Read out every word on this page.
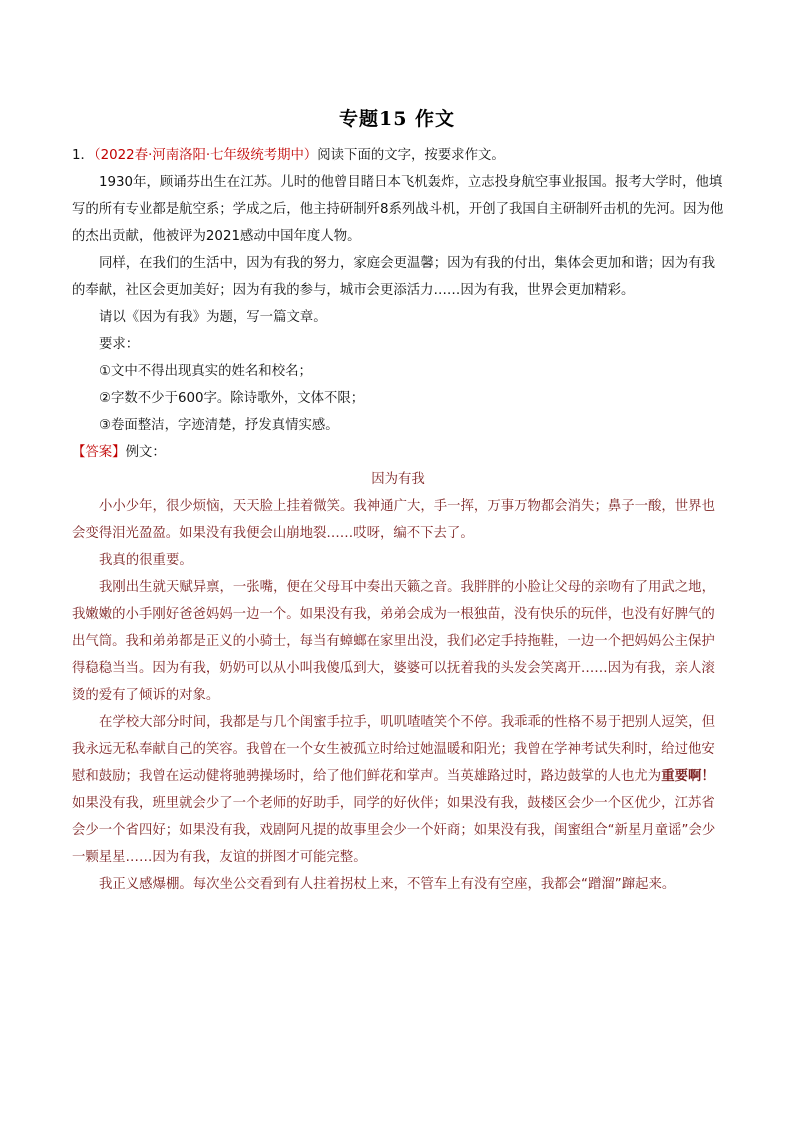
专题15 作文

1．（2022春·河南洛阳·七年级统考期中）阅读下面的文字，按要求作文。

1930年，顾诵芬出生在江苏。儿时的他曾目睹日本飞机轰炸，立志投身航空事业报国。报考大学时，他填写的所有专业都是航空系；学成之后，他主持研制歼8系列战斗机，开创了我国自主研制歼击机的先河。因为他的杰出贡献，他被评为2021感动中国年度人物。

同样，在我们的生活中，因为有我的努力，家庭会更温馨；因为有我的付出，集体会更加和谐；因为有我的奉献，社区会更加美好；因为有我的参与，城市会更添活力……因为有我，世界会更加精彩。

请以《因为有我》为题，写一篇文章。

要求：

①文中不得出现真实的姓名和校名；

②字数不少于600字。除诗歌外，文体不限；

③卷面整洁，字迹清楚，抒发真情实感。

【答案】例文：

因为有我

小小少年，很少烦恼，天天脸上挂着微笑。我神通广大，手一挥，万事万物都会消失；鼻子一酸，世界也会变得泪光盈盈。如果没有我便会山崩地裂……哎呀，编不下去了。

我真的很重要。

我刚出生就天赋异禀，一张嘴，便在父母耳中奏出天籁之音。我胖胖的小脸让父母的亲吻有了用武之地，我嫩嫩的小手刚好爸爸妈妈一边一个。如果没有我，弟弟会成为一根独苗，没有快乐的玩伴，也没有好脾气的出气筒。我和弟弟都是正义的小骑士，每当有蟑螂在家里出没，我们必定手持拖鞋，一边一个把妈妈公主保护得稳稳当当。因为有我，奶奶可以从小叫我傻瓜到大，婆婆可以抚着我的头发会笑离开……因为有我，亲人滚烫的爱有了倾诉的对象。

在学校大部分时间，我都是与几个闺蜜手拉手，叽叽喳喳笑个不停。我乖乖的性格不易于把别人逗笑，但我永远无私奉献自己的笑容。我曾在一个女生被孤立时给过她温暖和阳光；我曾在学神考试失利时，给过他安慰和鼓励；我曾在运动健将驰骋操场时，给了他们鲜花和掌声。当英雄路过时，路边鼓掌的人也尤为重要啊！如果没有我，班里就会少了一个老师的好助手，同学的好伙伴；如果没有我，鼓楼区会少一个区优少，江苏省会少一个省四好；如果没有我，戏剧阿凡提的故事里会少一个奸商；如果没有我，闺蜜组合“新星月童谣”会少一颗星星……因为有我，友谊的拼图才可能完整。

我正义感爆棚。每次坐公交看到有人拄着拐杖上来，不管车上有没有空座，我都会“蹭溜”蹿起来。
